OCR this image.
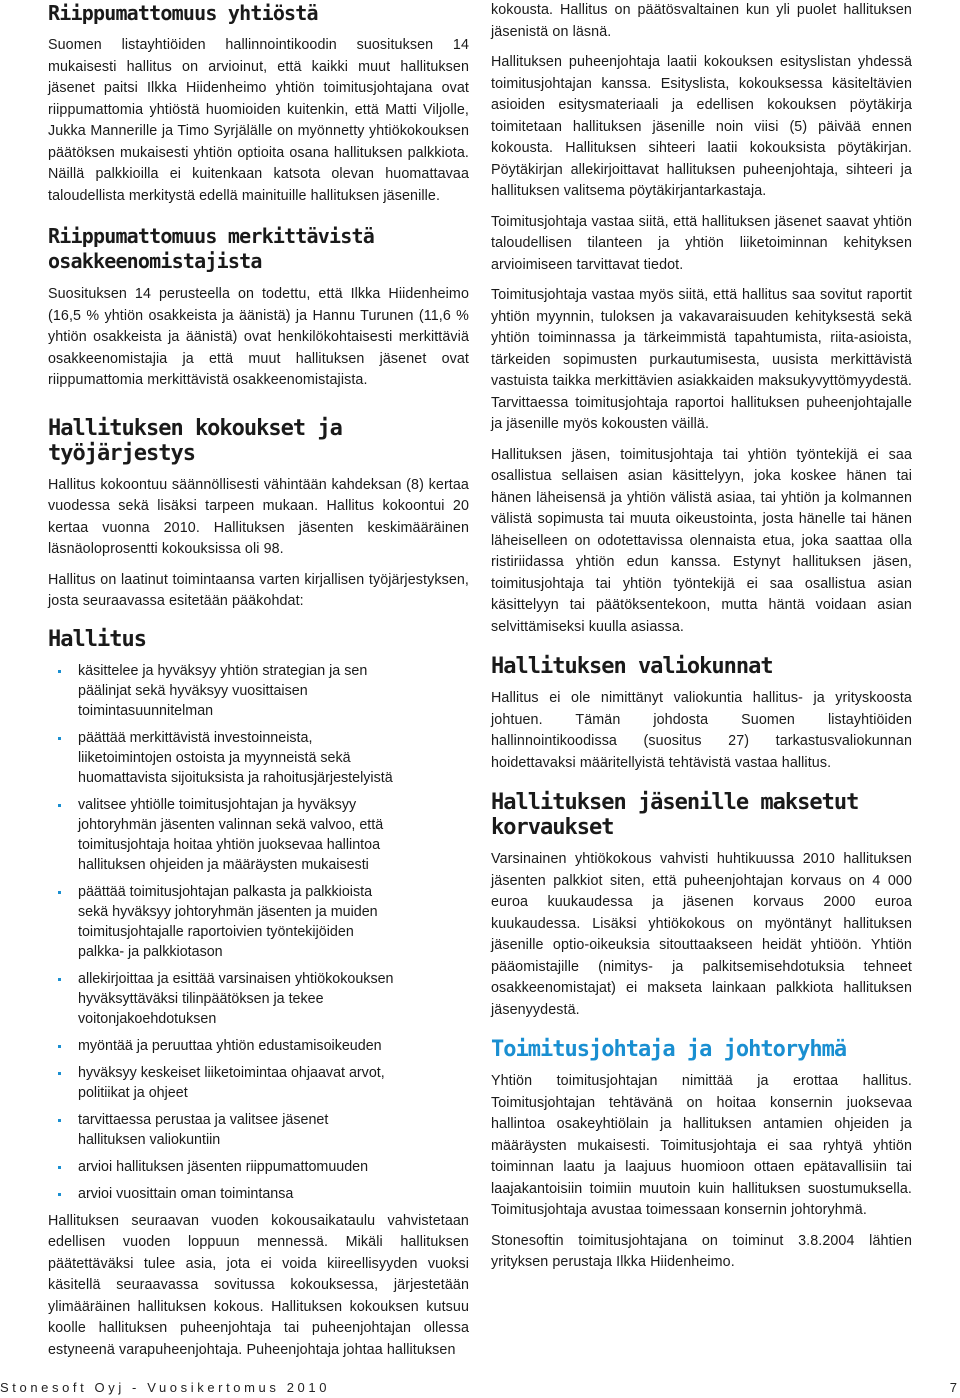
Riippumattomuus yhtiöstä

Suomen listayhtiöiden hallinnointikoodin suosituksen 14 mukaisesti hallitus on arvioinut, että kaikki muut hallituksen jäsenet paitsi Ilkka Hiidenheimo yhtiön toimitusjohtajana ovat riippumattomia yhtiöstä huomioiden kuitenkin, että Matti Viljolle, Jukka Mannerille ja Timo Syrjälälle on myönnetty yhtiökokouksen päätöksen mukaisesti yhtiön optioita osana hallituksen palkkiota. Näillä palkkioilla ei kuitenkaan katsota olevan huomattavaa taloudellista merkitystä edellä mainituille hallituksen jäsenille.

Riippumattomuus merkittävistä osakkeenomistajista

Suosituksen 14 perusteella on todettu, että Ilkka Hiidenheimo (16,5 % yhtiön osakkeista ja äänistä) ja Hannu Turunen (11,6 % yhtiön osakkeista ja äänistä) ovat henkilökohtaisesti merkittäviä osakkeenomistajia ja että muut hallituksen jäsenet ovat riippumattomia merkittävistä osakkeenomistajista.

Hallituksen kokoukset ja työjärjestys

Hallitus kokoontuu säännöllisesti vähintään kahdeksan (8) kertaa vuodessa sekä lisäksi tarpeen mukaan. Hallitus kokoontui 20 kertaa vuonna 2010. Hallituksen jäsenten keskimääräinen läsnäoloprosentti kokouksissa oli 98.

Hallitus on laatinut toimintaansa varten kirjallisen työjärjestyksen, josta seuraavassa esitetään pääkohdat:

Hallitus
käsittelee ja hyväksyy yhtiön strategian ja sen päälinjat sekä hyväksyy vuosittaisen toimintasuunnitelman
päättää merkittävistä investoinneista, liiketoimintojen ostoista ja myynneistä sekä huomattavista sijoituksista ja rahoitusjärjestelyistä
valitsee yhtiölle toimitusjohtajan ja hyväksyy johtoryhmän jäsenten valinnan sekä valvoo, että toimitusjohtaja hoitaa yhtiön juoksevaa hallintoa hallituksen ohjeiden ja määräysten mukaisesti
päättää toimitusjohtajan palkasta ja palkkioista sekä hyväksyy johtoryhmän jäsenten ja muiden toimitusjohtajalle raportoivien työntekijöiden palkka- ja palkkiotason
allekirjoittaa ja esittää varsinaisen yhtiökokouksen hyväksyttäväksi tilinpäätöksen ja tekee voitonjakoehdotuksen
myöntää ja peruuttaa yhtiön edustamisoikeuden
hyväksyy keskeiset liiketoimintaa ohjaavat arvot, politiikat ja ohjeet
tarvittaessa perustaa ja valitsee jäsenet hallituksen valiokuntiin
arvioi hallituksen jäsenten riippumattomuuden
arvioi vuosittain oman toimintansa

Hallituksen seuraavan vuoden kokousaikataulu vahvistetaan edellisen vuoden loppuun mennessä. Mikäli hallituksen päätettäväksi tulee asia, jota ei voida kiireellisyyden vuoksi käsitellä seuraavassa sovitussa kokouksessa, järjestetään ylimääräinen hallituksen kokous. Hallituksen kokouksen kutsuu koolle hallituksen puheenjohtaja tai puheenjohtajan ollessa estyneenä varapuheenjohtaja. Puheenjohtaja johtaa hallituksen

kokousta. Hallitus on päätösvaltainen kun yli puolet hallituksen jäsenistä on läsnä.

Hallituksen puheenjohtaja laatii kokouksen esityslistan yhdessä toimitusjohtajan kanssa. Esityslista, kokouksessa käsiteltävien asioiden esitysmateriaali ja edellisen kokouksen pöytäkirja toimitetaan hallituksen jäsenille noin viisi (5) päivää ennen kokousta. Hallituksen sihteeri laatii kokouksista pöytäkirjan. Pöytäkirjan allekirjoittavat hallituksen puheenjohtaja, sihteeri ja hallituksen valitsema pöytäkirjantarkastaja.

Toimitusjohtaja vastaa siitä, että hallituksen jäsenet saavat yhtiön taloudellisen tilanteen ja yhtiön liiketoiminnan kehityksen arvioimiseen tarvittavat tiedot.

Toimitusjohtaja vastaa myös siitä, että hallitus saa sovitut raportit yhtiön myynnin, tuloksen ja vakavaraisuuden kehityksestä sekä yhtiön toiminnassa ja tärkeimmistä tapahtumista, riita-asioista, tärkeiden sopimusten purkautumisesta, uusista merkittävistä vastuista taikka merkittävien asiakkaiden maksukyvyttömyydestä. Tarvittaessa toimitusjohtaja raportoi hallituksen puheenjohtajalle ja jäsenille myös kokousten väillä.

Hallituksen jäsen, toimitusjohtaja tai yhtiön työntekijä ei saa osallistua sellaisen asian käsittelyyn, joka koskee hänen tai hänen läheisensä ja yhtiön välistä asiaa, tai yhtiön ja kolmannen välistä sopimusta tai muuta oikeustointa, josta hänelle tai hänen läheiselleen on odotettavissa olennaista etua, joka saattaa olla ristiriidassa yhtiön edun kanssa. Estynyt hallituksen jäsen, toimitusjohtaja tai yhtiön työntekijä ei saa osallistua asian käsittelyyn tai päätöksentekoon, mutta häntä voidaan asian selvittämiseksi kuulla asiassa.

Hallituksen valiokunnat

Hallitus ei ole nimittänyt valiokuntia hallitus- ja yrityskoosta johtuen. Tämän johdosta Suomen listayhtiöiden hallinnointikoodissa (suositus 27) tarkastusvaliokunnan hoidettavaksi määritellyistä tehtävistä vastaa hallitus.

Hallituksen jäsenille maksetut korvaukset

Varsinainen yhtiökokous vahvisti huhtikuussa 2010 hallituksen jäsenten palkkiot siten, että puheenjohtajan korvaus on 4 000 euroa kuukaudessa ja jäsenen korvaus 2000 euroa kuukaudessa. Lisäksi yhtiökokous on myöntänyt hallituksen jäsenille optio-oikeuksia sitouttaakseen heidät yhtiöön. Yhtiön pääomistajille (nimitys- ja palkitsemisehdotuksia tehneet osakkeenomistajat) ei makseta lainkaan palkkiota hallituksen jäsenyydestä.

Toimitusjohtaja ja johtoryhmä

Yhtiön toimitusjohtajan nimittää ja erottaa hallitus. Toimitusjohtajan tehtävänä on hoitaa konsernin juoksevaa hallintoa osakeyhtiölain ja hallituksen antamien ohjeiden ja määräysten mukaisesti. Toimitusjohtaja ei saa ryhtyä yhtiön toiminnan laatu ja laajuus huomioon ottaen epätavallisiin tai laajakantoisiin toimiin muutoin kuin hallituksen suostumuksella. Toimitusjohtaja avustaa toimessaan konsernin johtoryhmä.

Stonesoftin toimitusjohtajana on toiminut 3.8.2004 lähtien yrityksen perustaja Ilkka Hiidenheimo.

Stonesoft Oyj - Vuosikertomus 2010	7
